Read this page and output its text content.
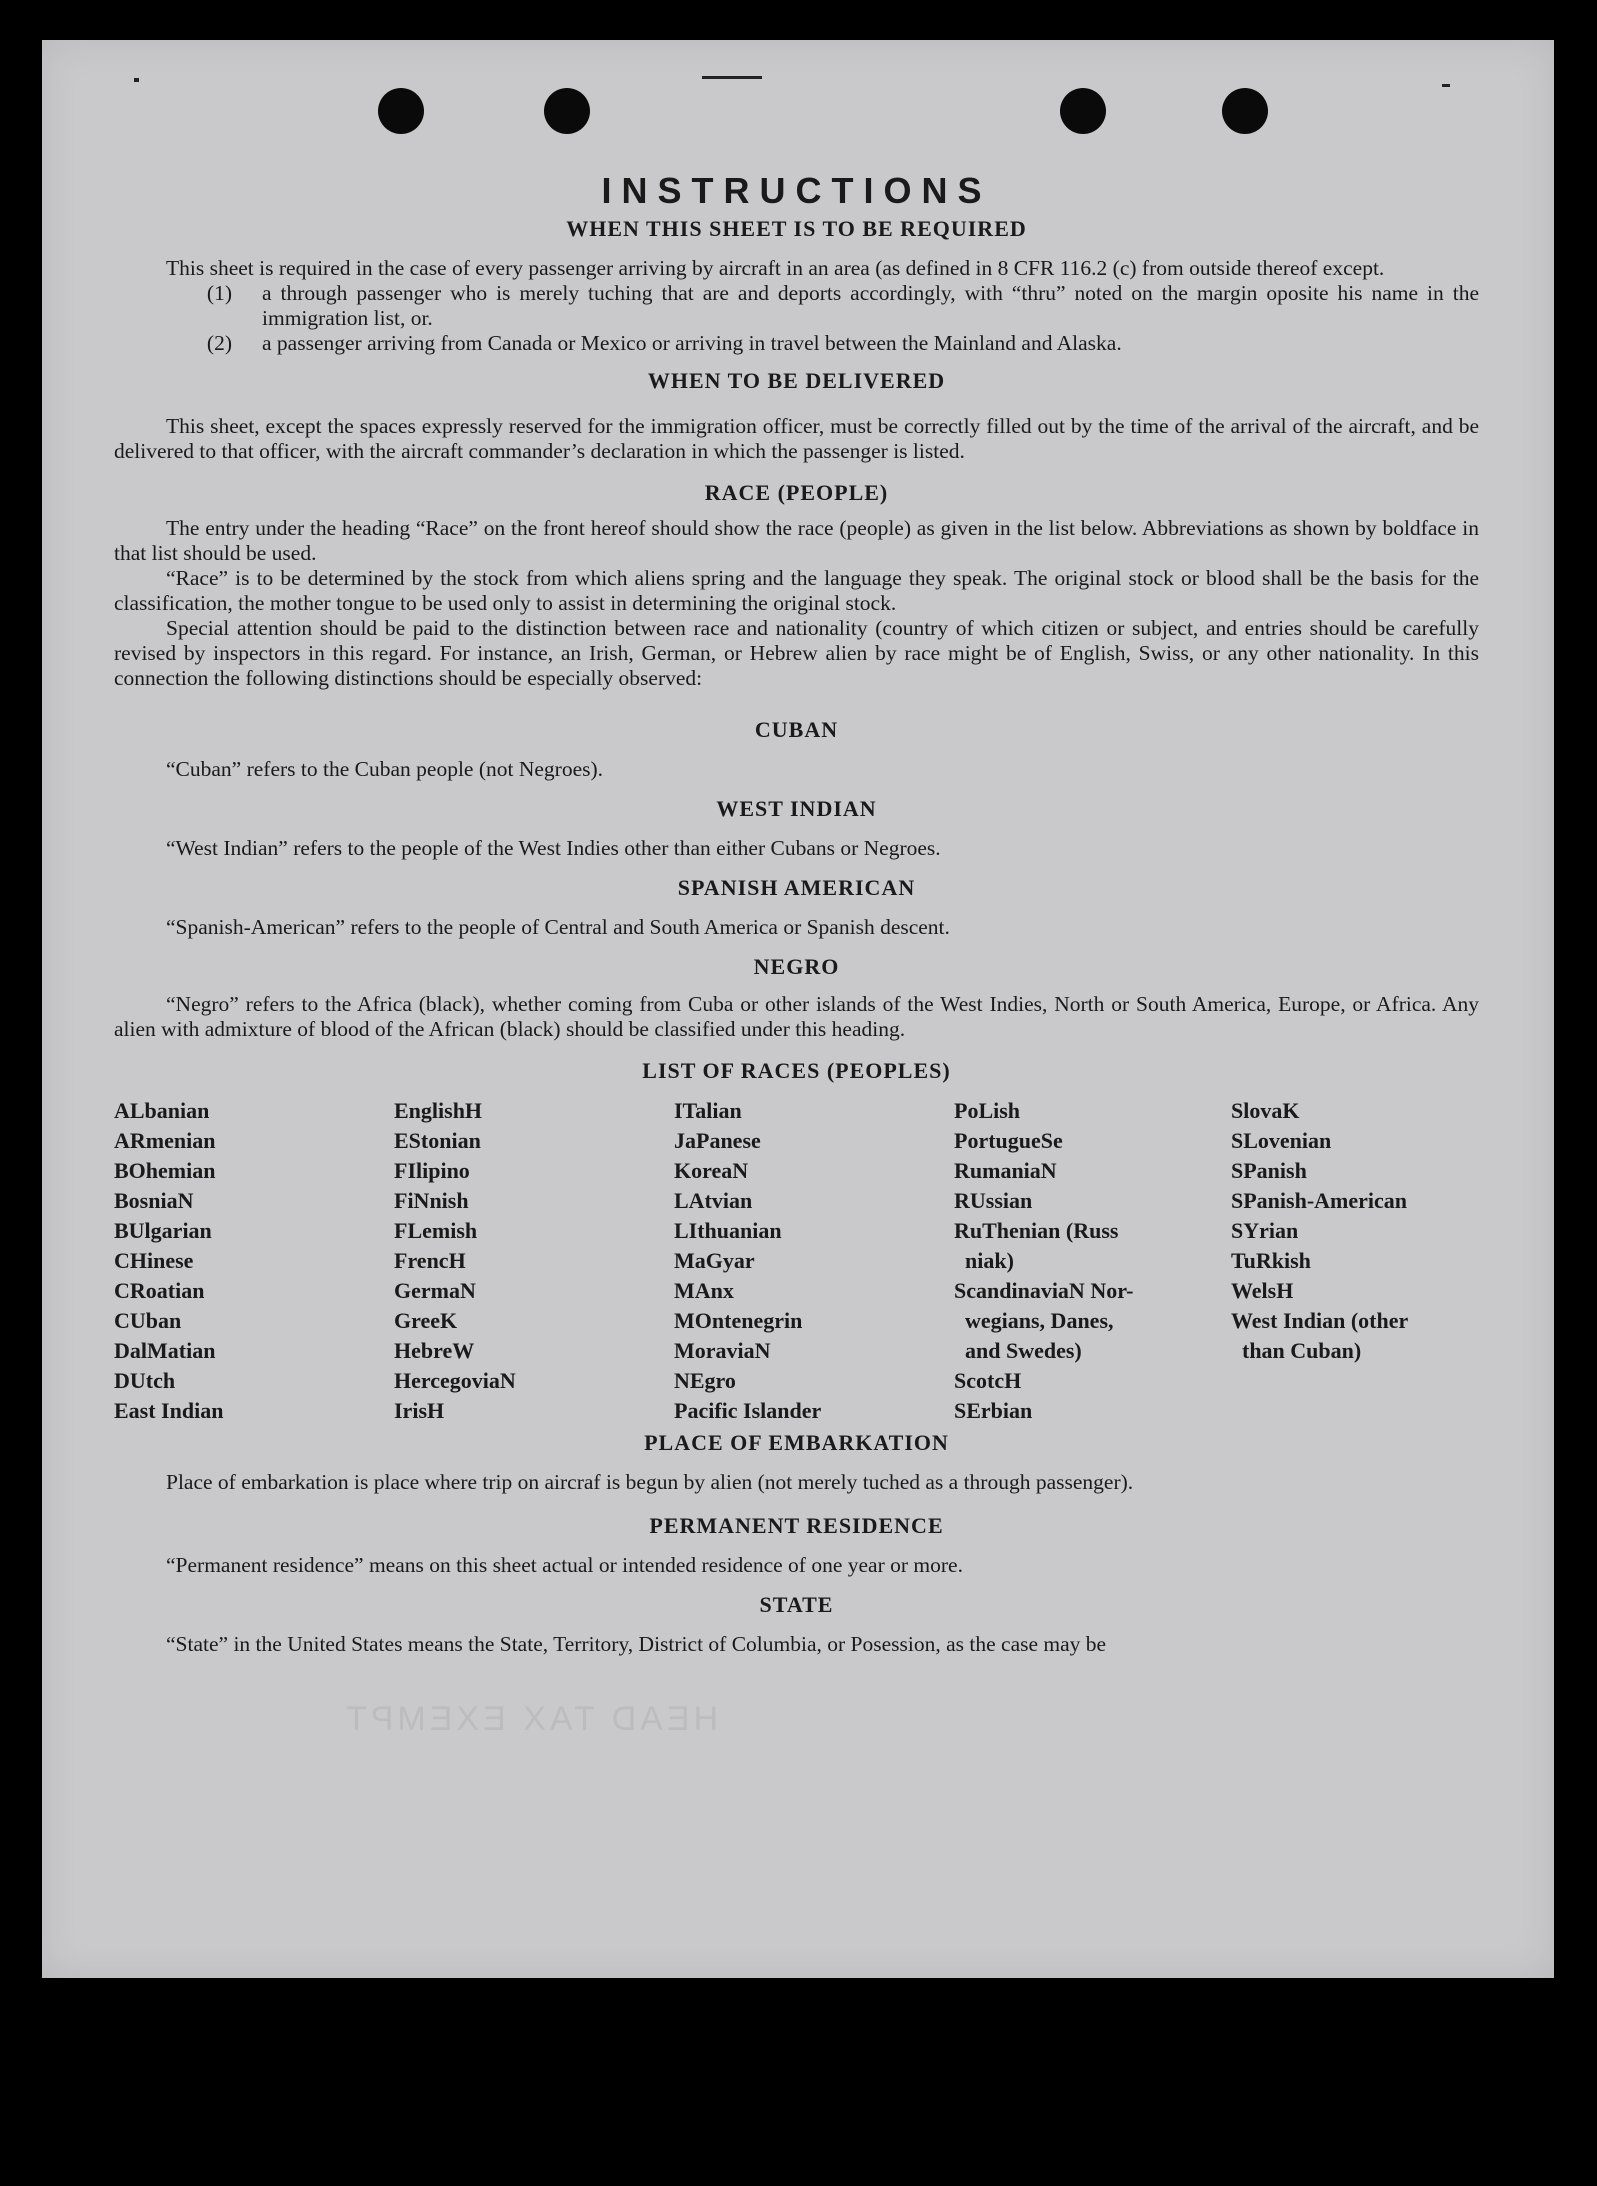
HEAD TAX EXEMPT
INSTRUCTIONS
WHEN THIS SHEET IS TO BE REQUIRED

This sheet is required in the case of every passenger arriving by aircraft in an area (as defined in 8 CFR 116.2 (c) from outside thereof except.

(1)	a through passenger who is merely tuching that are and deports accordingly, with “thru” noted on the margin oposite his name in the immigration list, or.
(2)	a passenger arriving from Canada or Mexico or arriving in travel between the Mainland and Alaska.
WHEN TO BE DELIVERED

This sheet, except the spaces expressly reserved for the immigration officer, must be correctly filled out by the time of the arrival of the aircraft, and be delivered to that officer, with the aircraft commander’s declaration in which the passenger is listed.

RACE (PEOPLE)

The entry under the heading “Race” on the front hereof should show the race (people) as given in the list below. Abbreviations as shown by boldface in that list should be used.

“Race” is to be determined by the stock from which aliens spring and the language they speak. The original stock or blood shall be the basis for the classification, the mother tongue to be used only to assist in determining the original stock.

Special attention should be paid to the distinction between race and nationality (country of which citizen or subject, and entries should be carefully revised by inspectors in this regard. For instance, an Irish, German, or Hebrew alien by race might be of English, Swiss, or any other nationality. In this connection the following distinctions should be especially observed:

CUBAN

“Cuban” refers to the Cuban people (not Negroes).

WEST INDIAN

“West Indian” refers to the people of the West Indies other than either Cubans or Negroes.

SPANISH AMERICAN

“Spanish-American” refers to the people of Central and South America or Spanish descent.

NEGRO

“Negro” refers to the Africa (black), whether coming from Cuba or other islands of the West Indies, North or South America, Europe, or Africa. Any alien with admixture of blood of the African (black) should be classified under this heading.

LIST OF RACES (PEOPLES)
ALbanian
ARmenian
BOhemian
BosniaN
BUlgarian
CHinese
CRoatian
CUban
DalMatian
DUtch
East Indian
EnglishH
EStonian
FIlipino
FiNnish
FLemish
FrencH
GermaN
GreeK
HebreW
HercegoviaN
IrisH
ITalian
JaPanese
KoreaN
LAtvian
LIthuanian
MaGyar
MAnx
MOntenegrin
MoraviaN
NEgro
Pacific Islander
PoLish
PortugueSe
RumaniaN
RUssian
RuThenian (Russ
niak)
ScandinaviaN Nor-
wegians, Danes,
and Swedes)
ScotcH
SErbian
SlovaK
SLovenian
SPanish
SPanish-American
SYrian
TuRkish
WelsH
West Indian (other
than Cuban)
PLACE OF EMBARKATION

Place of embarkation is place where trip on aircraf is begun by alien (not merely tuched as a through passenger).

PERMANENT RESIDENCE

“Permanent residence” means on this sheet actual or intended residence of one year or more.

STATE

“State” in the United States means the State, Territory, District of Columbia, or Posession, as the case may be
